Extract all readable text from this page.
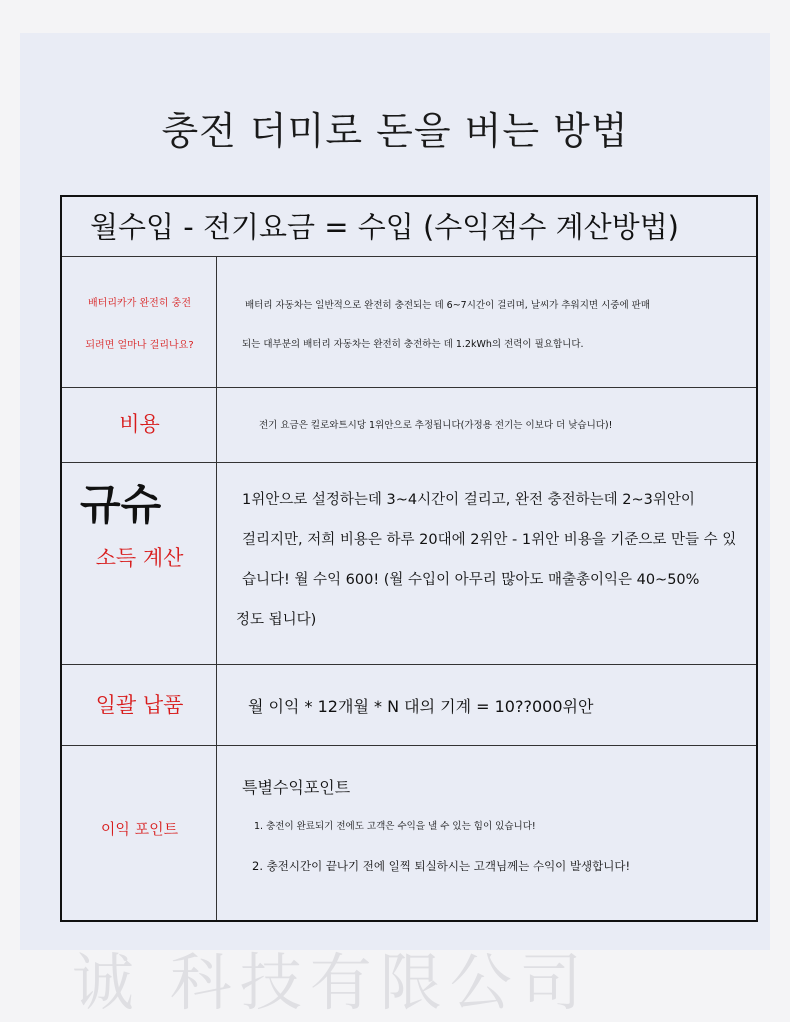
충전 더미로 돈을 버는 방법
월수입 - 전기요금 = 수입 (수익점수 계산방법)
배터리카가 완전히 충전
되려면 얼마나 걸리나요?
배터리 자동차는 일반적으로 완전히 충전되는 데 6~7시간이 걸리며, 날씨가 추워지면 시중에 판매
되는 대부분의 배터리 자동차는 완전히 충전하는 데 1.2kWh의 전력이 필요합니다.
비용	전기 요금은 킬로와트시당 1위안으로 추정됩니다(가정용 전기는 이보다 더 낮습니다)!
诚 科技有限公司
규슈
소득 계산
1위안으로 설정하는데 3~4시간이 걸리고, 완전 충전하는데 2~3위안이
걸리지만, 저희 비용은 하루 20대에 2위안 - 1위안 비용을 기준으로 만들 수 있
습니다! 월 수익 600! (월 수입이 아무리 많아도 매출총이익은 40~50%
정도 됩니다)
일괄 납품	월 이익 * 12개월 * N 대의 기계 = 10??000위안
이익 포인트
특별수익포인트
1. 충전이 완료되기 전에도 고객은 수익을 낼 수 있는 힘이 있습니다!
2. 충전시간이 끝나기 전에 일찍 퇴실하시는 고객님께는 수익이 발생합니다!
